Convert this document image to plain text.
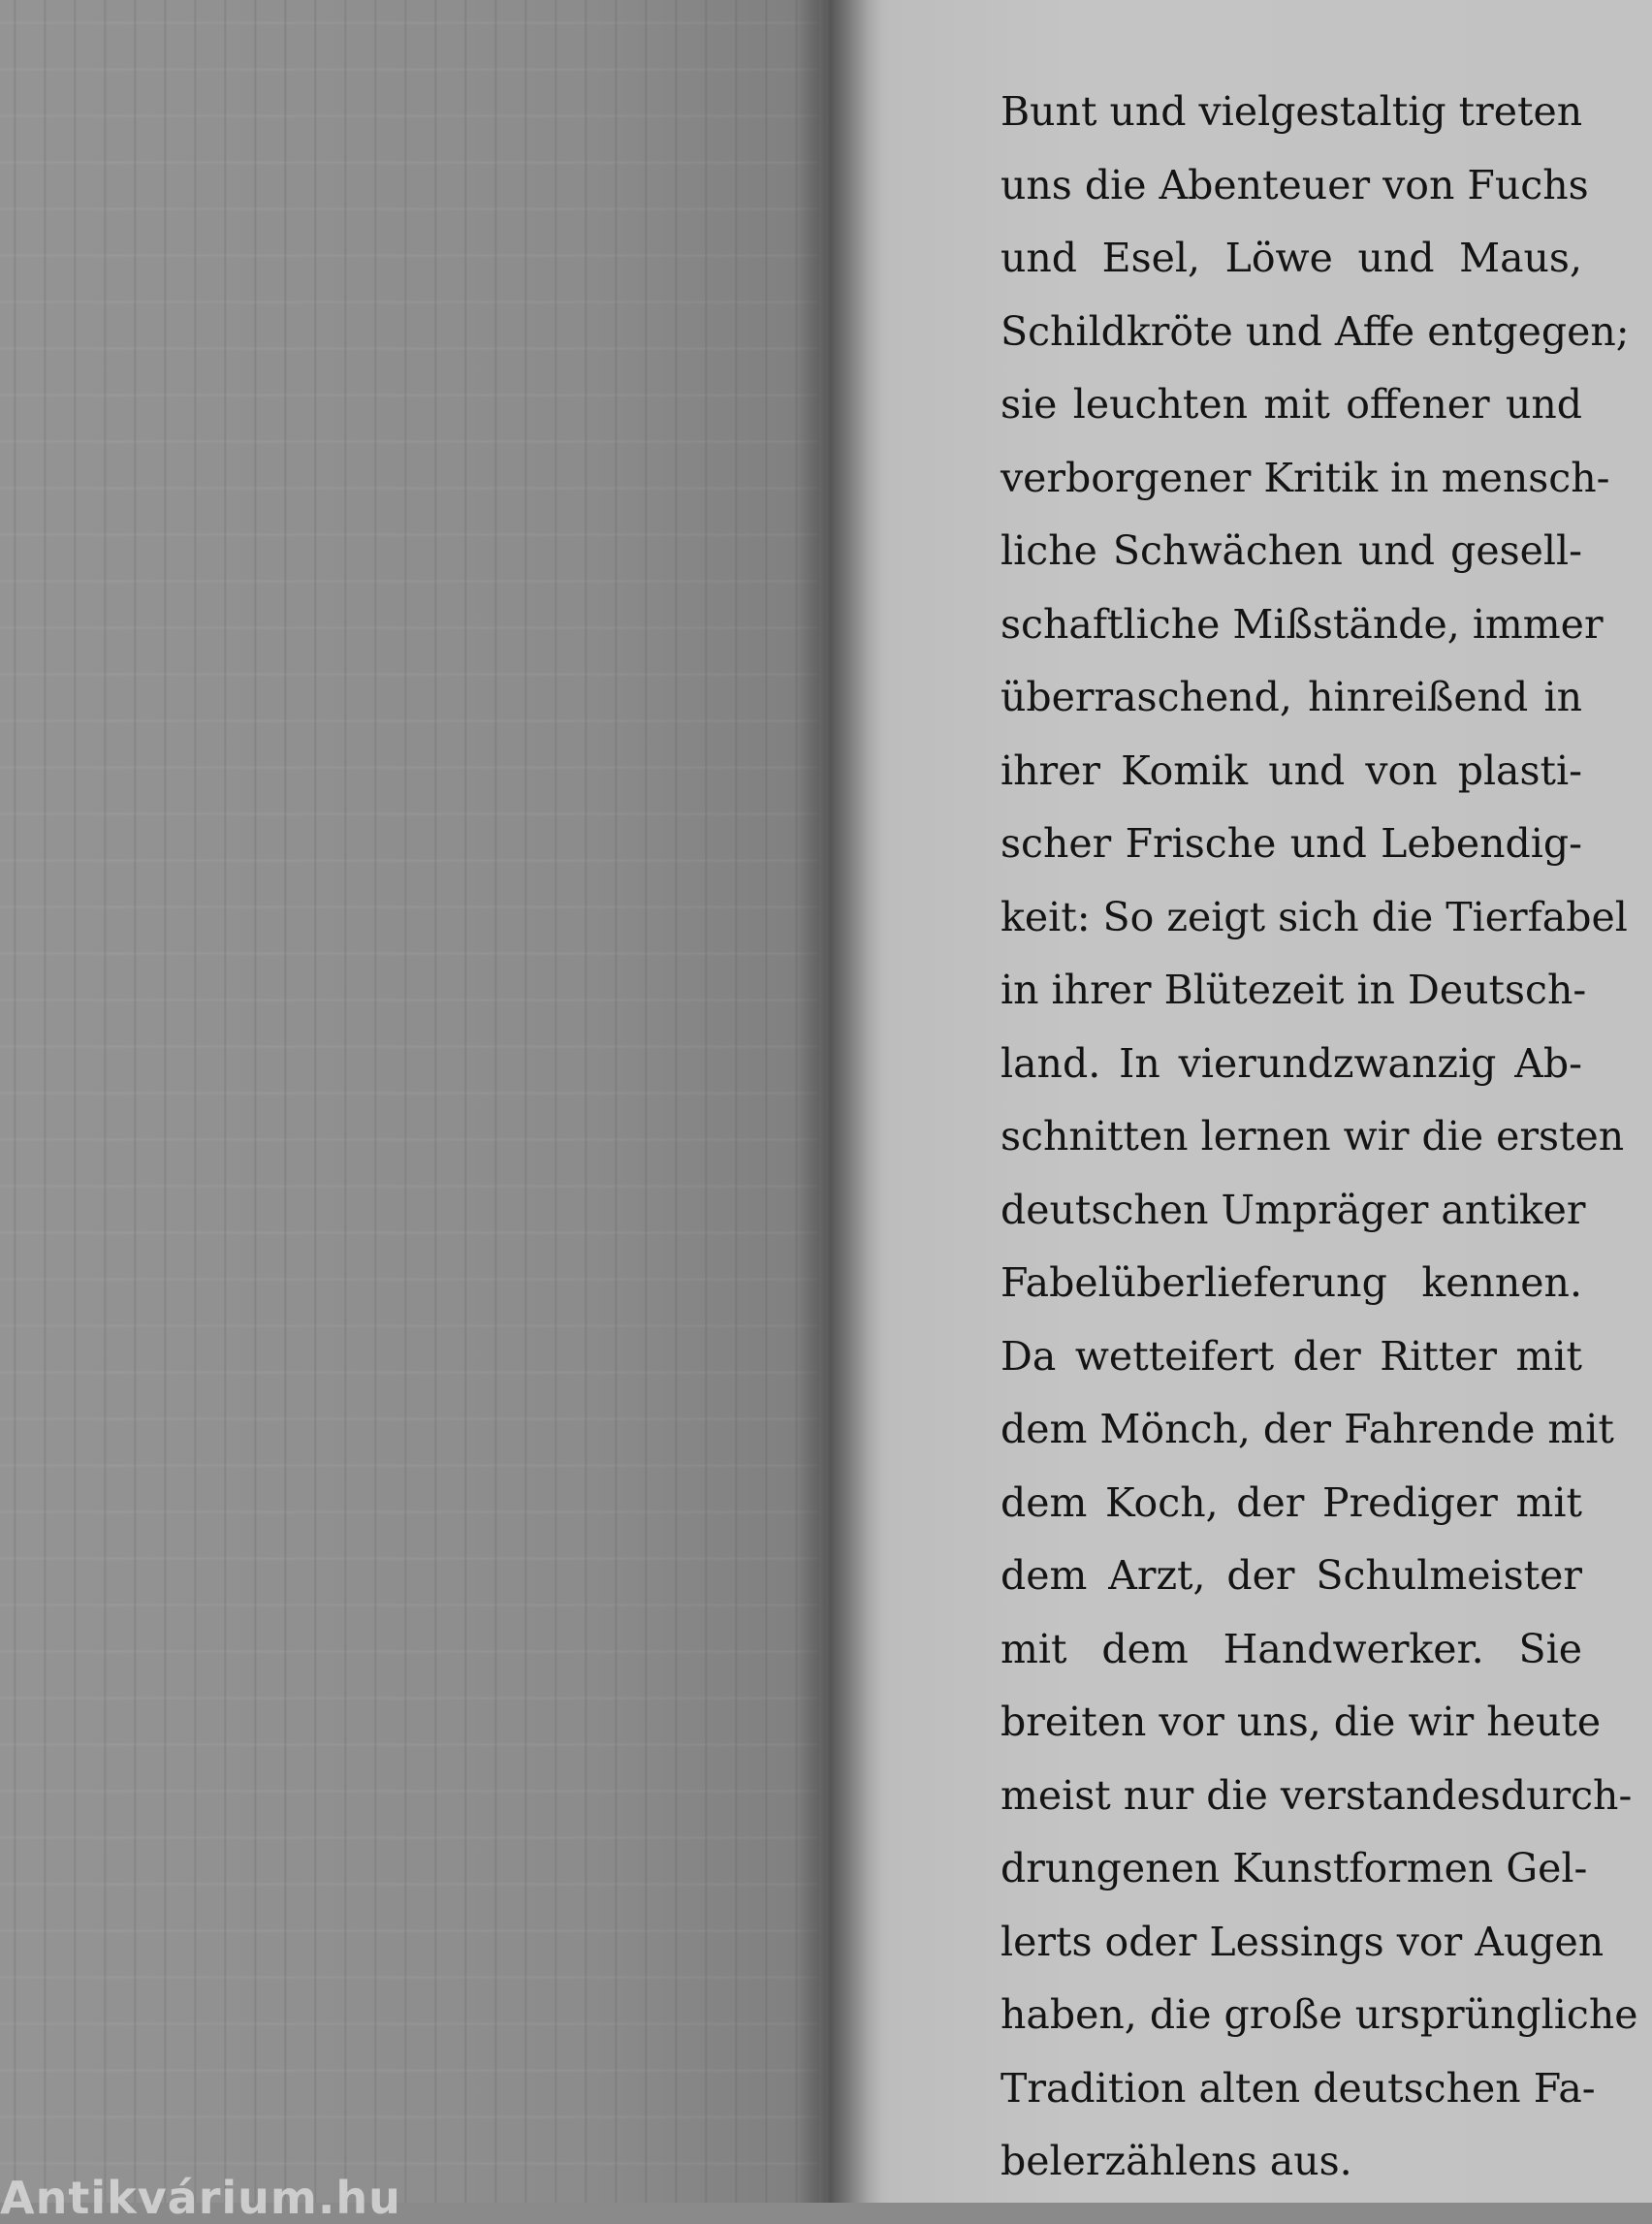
Bunt und vielgestaltig treten
uns die Abenteuer von Fuchs
und Esel, Löwe und Maus,
Schildkröte und Affe entgegen;
sie leuchten mit offener und
verborgener Kritik in mensch-
liche Schwächen und gesell-
schaftliche Mißstände, immer
überraschend, hinreißend in
ihrer Komik und von plasti-
scher Frische und Lebendig-
keit: So zeigt sich die Tierfabel
in ihrer Blütezeit in Deutsch-
land. In vierundzwanzig Ab-
schnitten lernen wir die ersten
deutschen Umpräger antiker
Fabelüberlieferung kennen.
Da wetteifert der Ritter mit
dem Mönch, der Fahrende mit
dem Koch, der Prediger mit
dem Arzt, der Schulmeister
mit dem Handwerker. Sie
breiten vor uns, die wir heute
meist nur die verstandesdurch-
drungenen Kunstformen Gel-
lerts oder Lessings vor Augen
haben, die große ursprüngliche
Tradition alten deutschen Fa-
belerzählens aus.
Antikvárium.hu
